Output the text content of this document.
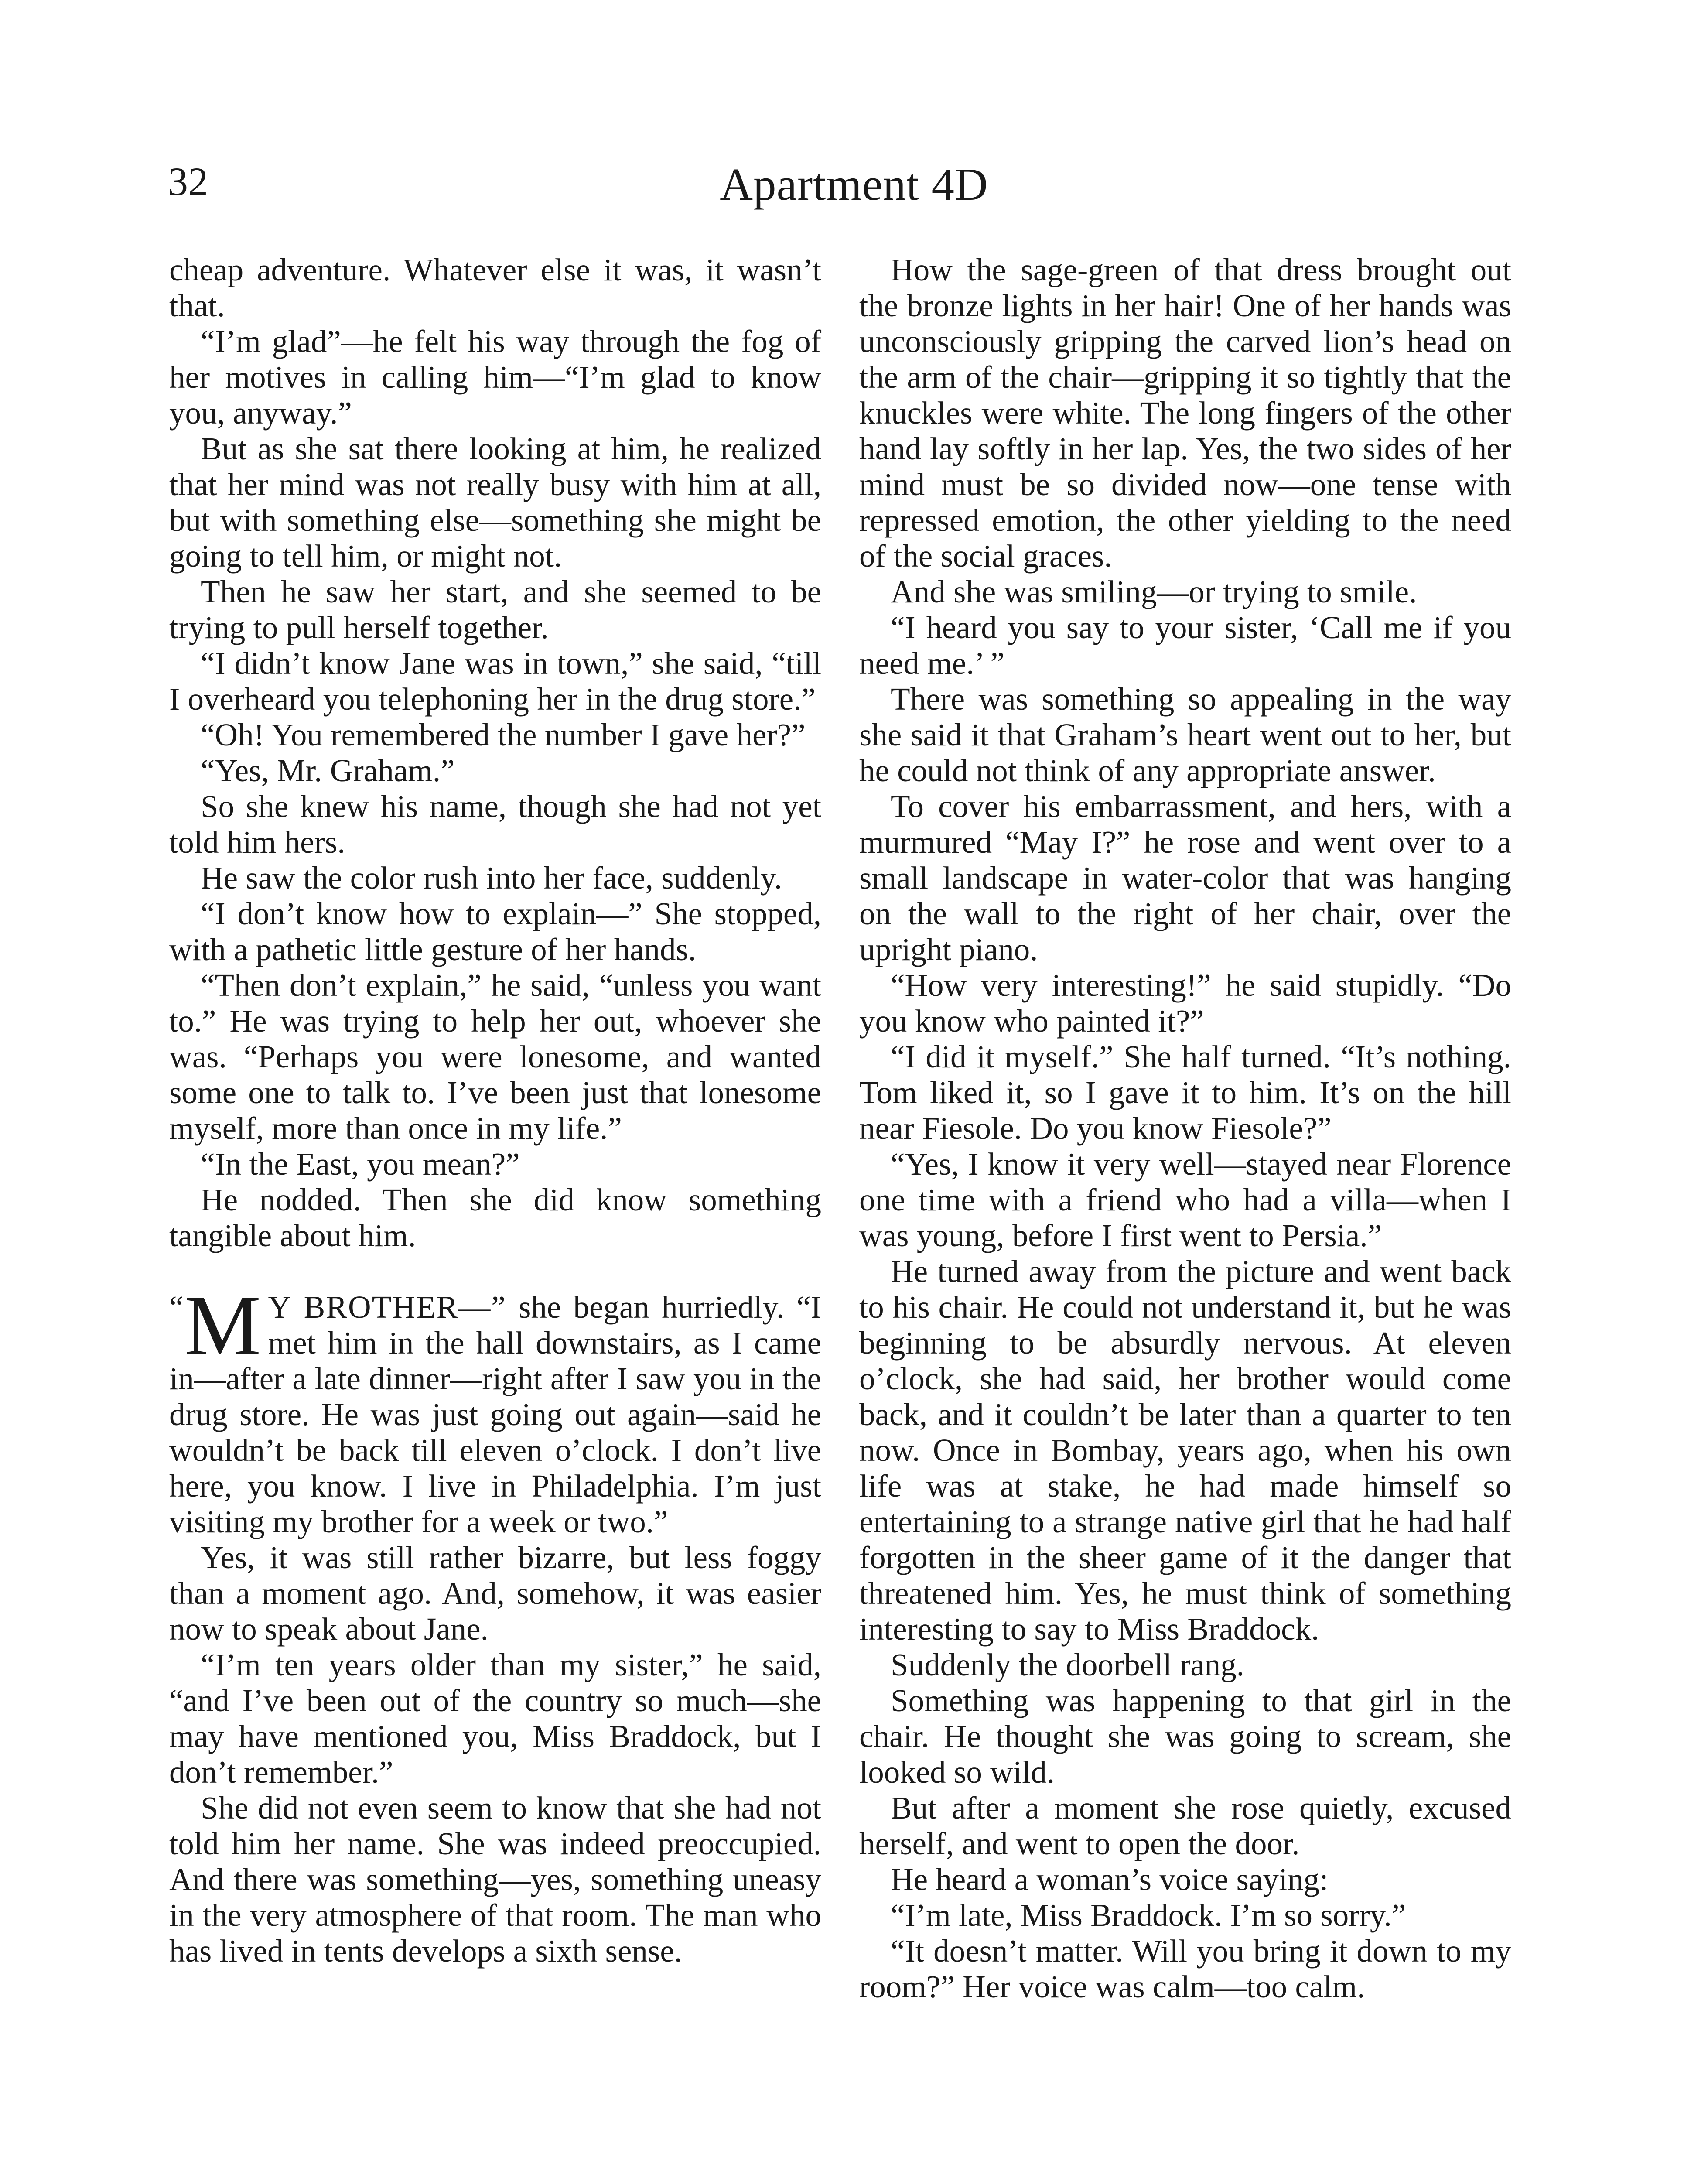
32	Apartment 4D

cheap adventure. Whatever else it was, it wasn’t that.

“I’m glad”—he felt his way through the fog of her motives in calling him—“I’m glad to know you, anyway.”

But as she sat there looking at him, he realized that her mind was not really busy with him at all, but with something else—something she might be going to tell him, or might not.

Then he saw her start, and she seemed to be trying to pull herself together.

“I didn’t know Jane was in town,” she said, “till I overheard you telephoning her in the drug store.”

“Oh! You remembered the number I gave her?”

“Yes, Mr. Graham.”

So she knew his name, though she had not yet told him hers.

He saw the color rush into her face, suddenly.

“I don’t know how to explain—” She stopped, with a pathetic little gesture of her hands.

“Then don’t explain,” he said, “unless you want to.” He was trying to help her out, whoever she was. “Perhaps you were lonesome, and wanted some one to talk to. I’ve been just that lonesome myself, more than once in my life.”

“In the East, you mean?”

He nodded. Then she did know something tangible about him.

“ M Y BROTHER—” she began hurriedly. “I met him in the hall downstairs, as I came in—after a late dinner—right after I saw you in the drug store. He was just going out again—said he wouldn’t be back till eleven o’clock. I don’t live here, you know. I live in Philadelphia. I’m just visiting my brother for a week or two.”

Yes, it was still rather bizarre, but less foggy than a moment ago. And, somehow, it was easier now to speak about Jane.

“I’m ten years older than my sister,” he said, “and I’ve been out of the country so much—she may have mentioned you, Miss Braddock, but I don’t remember.”

She did not even seem to know that she had not told him her name. She was indeed preoccupied. And there was something—yes, something uneasy in the very atmosphere of that room. The man who has lived in tents develops a sixth sense.

How the sage-green of that dress brought out the bronze lights in her hair! One of her hands was unconsciously gripping the carved lion’s head on the arm of the chair—gripping it so tightly that the knuckles were white. The long fingers of the other hand lay softly in her lap. Yes, the two sides of her mind must be so divided now—one tense with repressed emotion, the other yielding to the need of the social graces.

And she was smiling—or trying to smile.

“I heard you say to your sister, ‘Call me if you need me.’ ”

There was something so appealing in the way she said it that Graham’s heart went out to her, but he could not think of any appropriate answer.

To cover his embarrassment, and hers, with a murmured “May I?” he rose and went over to a small landscape in water-color that was hanging on the wall to the right of her chair, over the upright piano.

“How very interesting!” he said stupidly. “Do you know who painted it?”

“I did it myself.” She half turned. “It’s nothing. Tom liked it, so I gave it to him. It’s on the hill near Fiesole. Do you know Fiesole?”

“Yes, I know it very well—stayed near Florence one time with a friend who had a villa—when I was young, before I first went to Persia.”

He turned away from the picture and went back to his chair. He could not understand it, but he was beginning to be absurdly nervous. At eleven o’clock, she had said, her brother would come back, and it couldn’t be later than a quarter to ten now. Once in Bombay, years ago, when his own life was at stake, he had made himself so entertaining to a strange native girl that he had half forgotten in the sheer game of it the danger that threatened him. Yes, he must think of something interesting to say to Miss Braddock.

Suddenly the doorbell rang.

Something was happening to that girl in the chair. He thought she was going to scream, she looked so wild.

But after a moment she rose quietly, excused herself, and went to open the door.

He heard a woman’s voice saying:

“I’m late, Miss Braddock. I’m so sorry.”

“It doesn’t matter. Will you bring it down to my room?” Her voice was calm—too calm.
